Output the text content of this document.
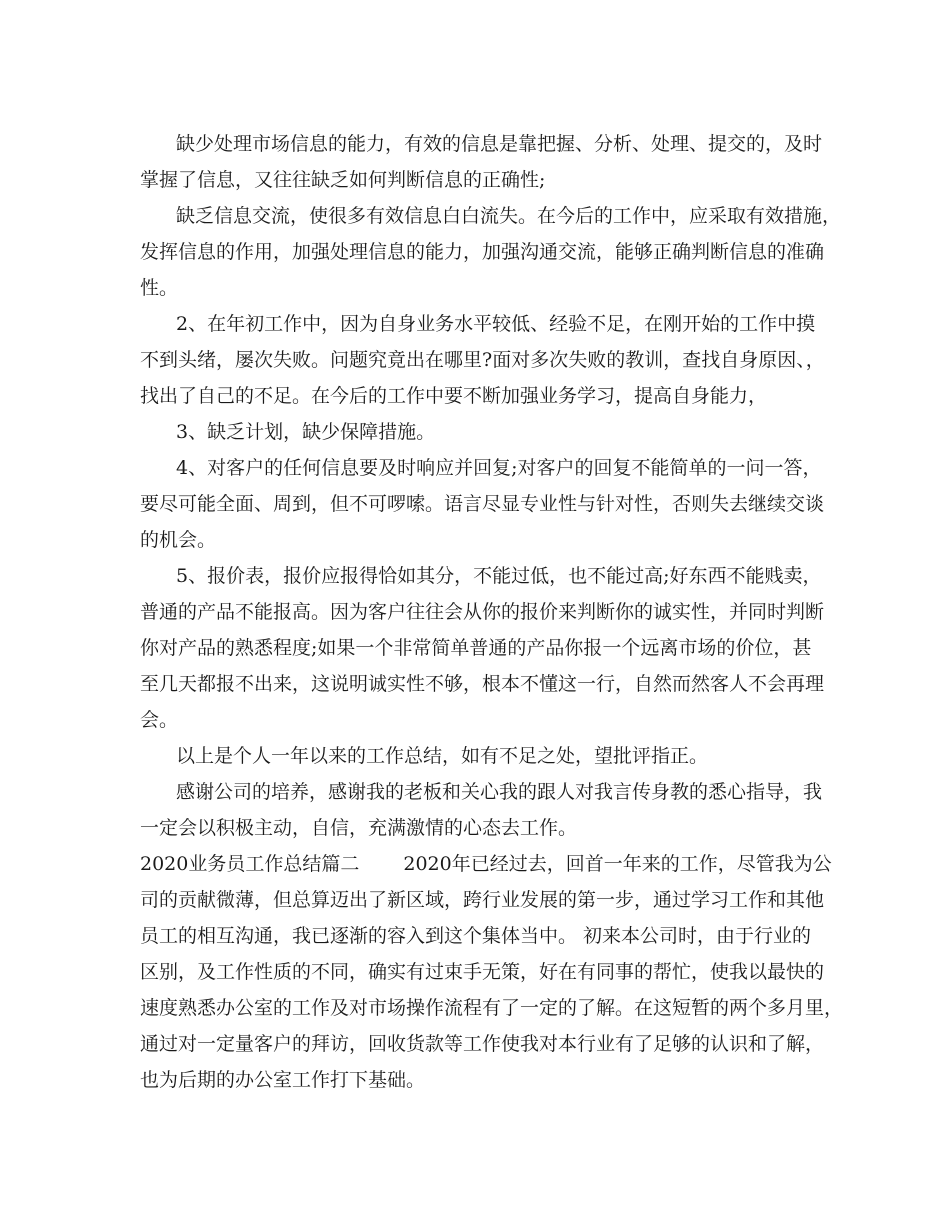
缺少处理市场信息的能力，有效的信息是靠把握、分析、处理、提交的，及时
掌握了信息，又往往缺乏如何判断信息的正确性;
缺乏信息交流，使很多有效信息白白流失。在今后的工作中，应采取有效措施，
发挥信息的作用，加强处理信息的能力，加强沟通交流，能够正确判断信息的准确
性。
2、在年初工作中，因为自身业务水平较低、经验不足，在刚开始的工作中摸
不到头绪，屡次失败。问题究竟出在哪里?面对多次失败的教训，查找自身原因、，
找出了自己的不足。在今后的工作中要不断加强业务学习，提高自身能力，
3、缺乏计划，缺少保障措施。
4、对客户的任何信息要及时响应并回复;对客户的回复不能简单的一问一答，
要尽可能全面、周到，但不可啰嗦。语言尽显专业性与针对性，否则失去继续交谈
的机会。
5、报价表，报价应报得恰如其分，不能过低，也不能过高;好东西不能贱卖，
普通的产品不能报高。因为客户往往会从你的报价来判断你的诚实性，并同时判断
你对产品的熟悉程度;如果一个非常简单普通的产品你报一个远离市场的价位，甚
至几天都报不出来，这说明诚实性不够，根本不懂这一行，自然而然客人不会再理
会。
以上是个人一年以来的工作总结，如有不足之处，望批评指正。
感谢公司的培养，感谢我的老板和关心我的跟人对我言传身教的悉心指导，我
一定会以积极主动，自信，充满激情的心态去工作。
2020业务员工作总结篇二 2020年已经过去，回首一年来的工作，尽管我为公
司的贡献微薄，但总算迈出了新区域，跨行业发展的第一步，通过学习工作和其他
员工的相互沟通，我已逐渐的容入到这个集体当中。 初来本公司时，由于行业的
区别，及工作性质的不同，确实有过束手无策，好在有同事的帮忙，使我以最快的
速度熟悉办公室的工作及对市场操作流程有了一定的了解。在这短暂的两个多月里，
通过对一定量客户的拜访，回收货款等工作使我对本行业有了足够的认识和了解，
也为后期的办公室工作打下基础。
